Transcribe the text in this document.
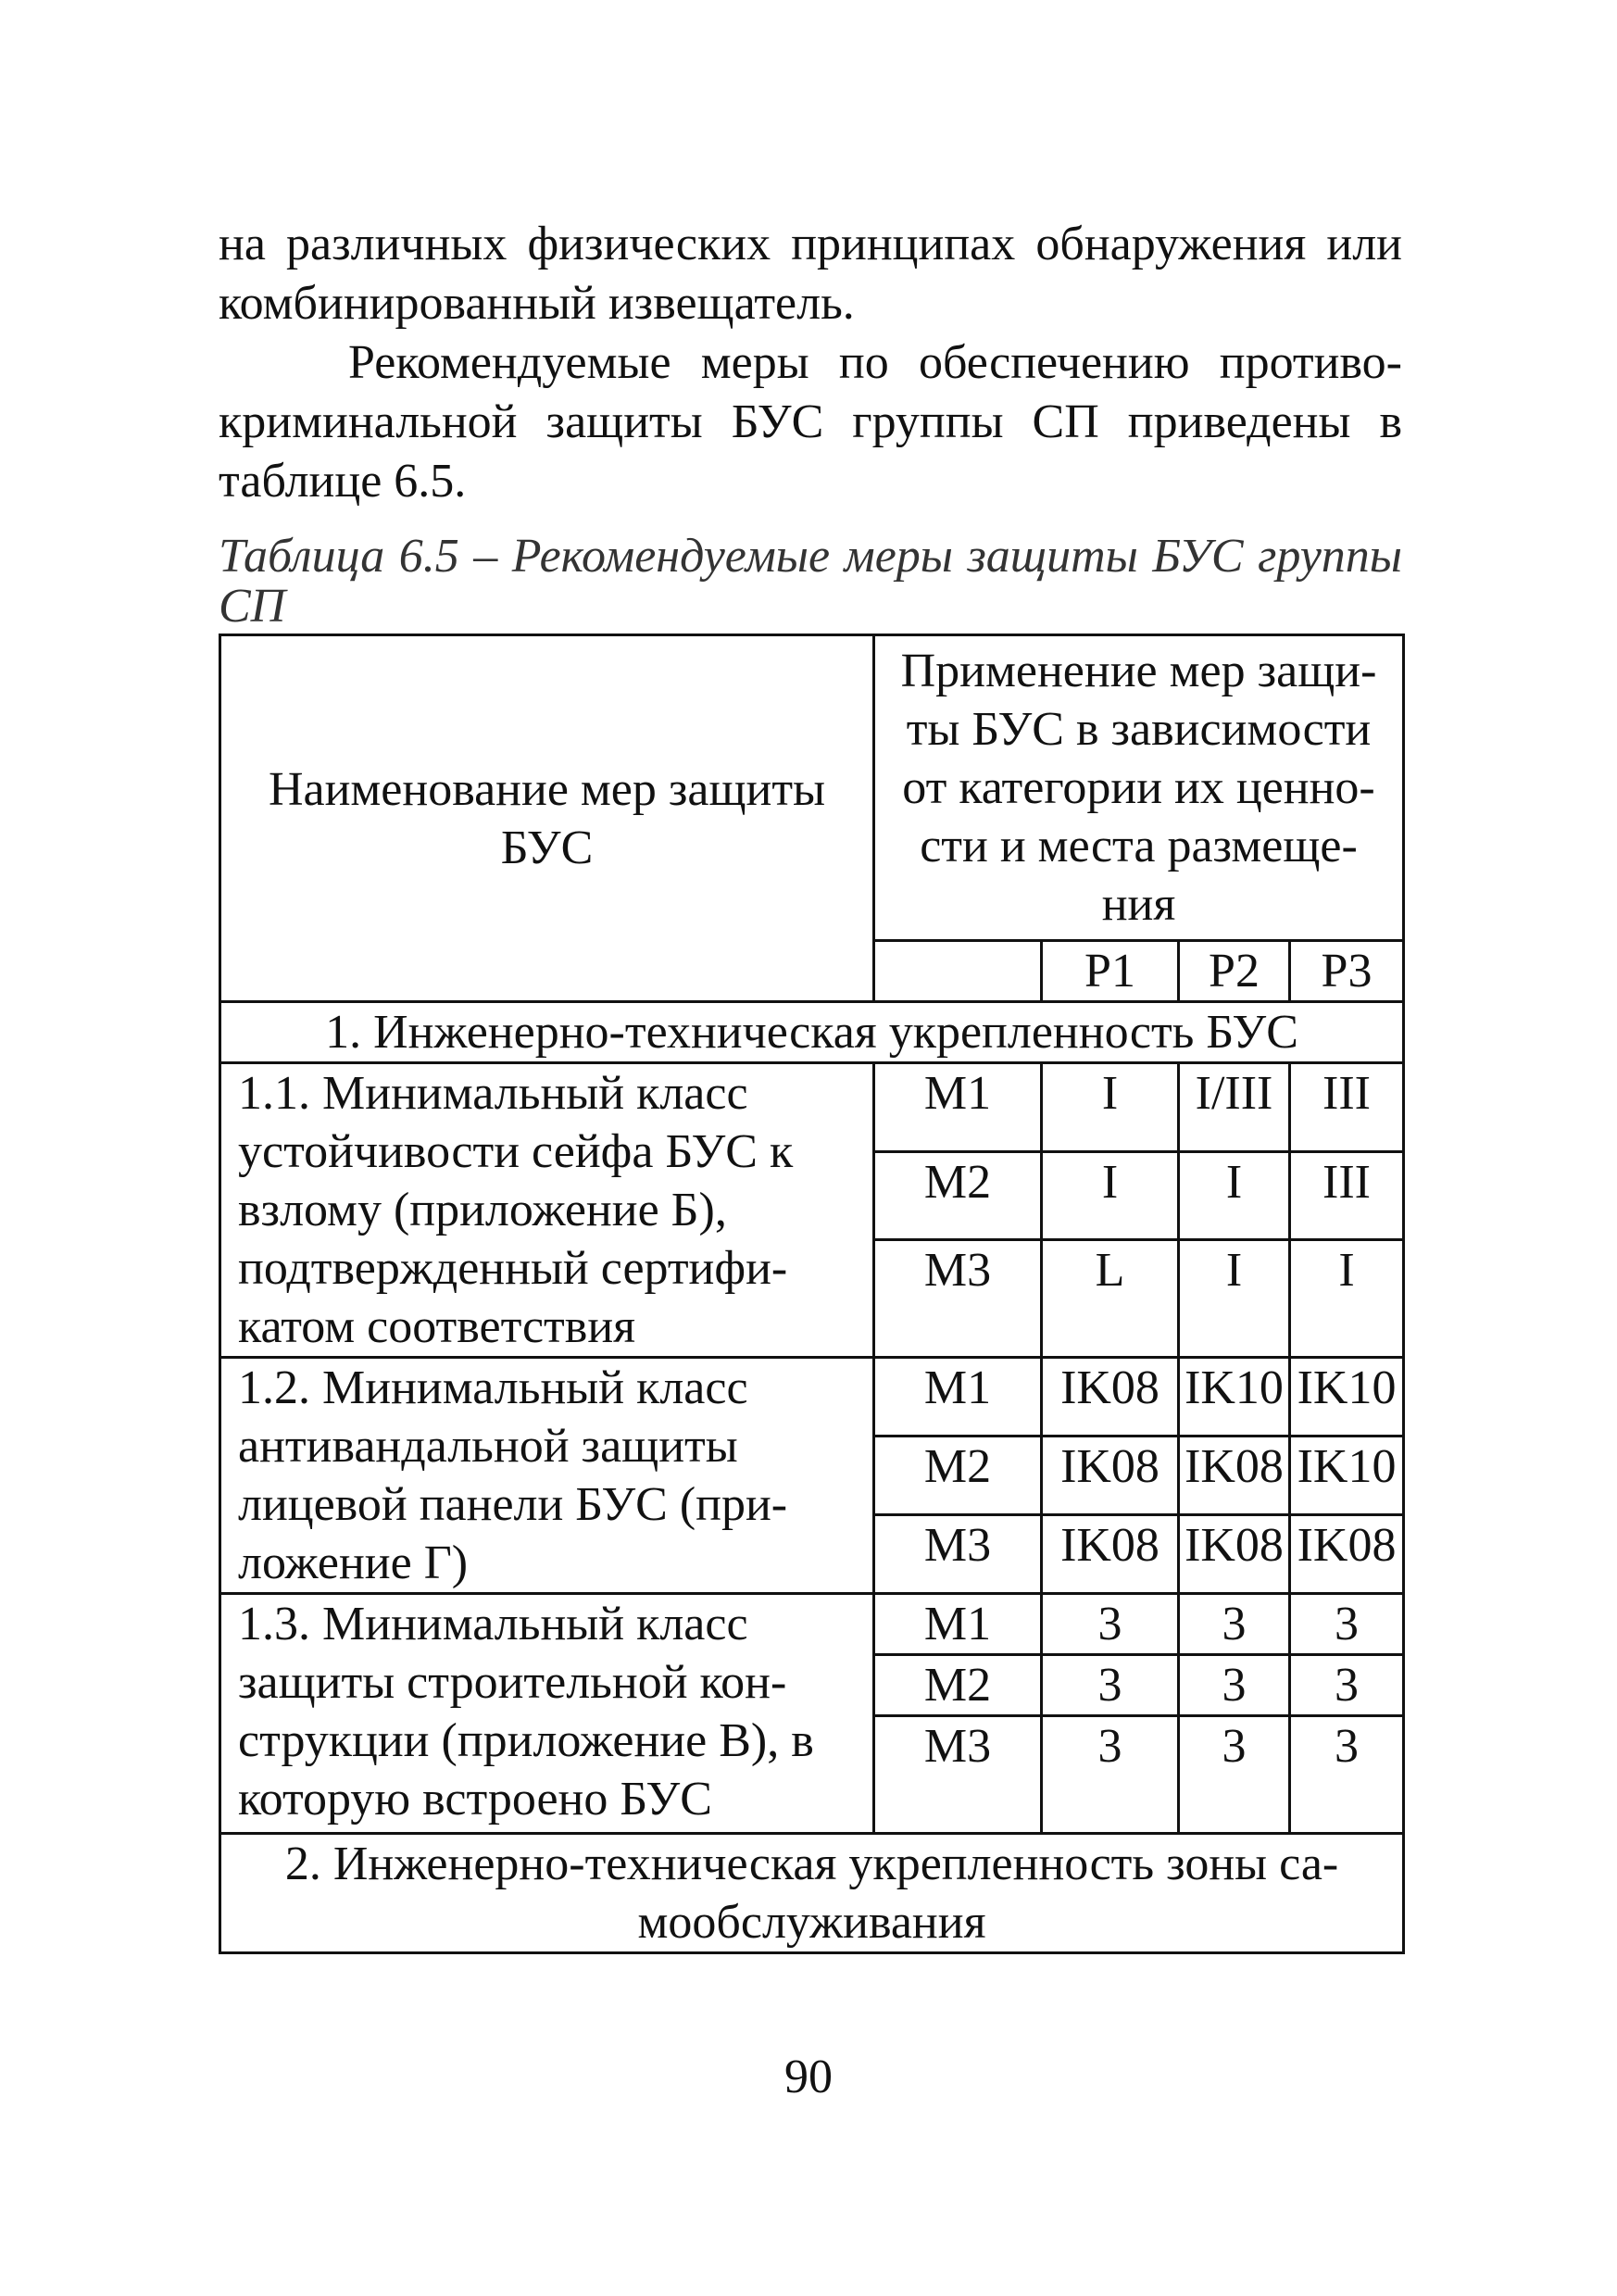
на различных физических принципах обнаружения или комбинированный извещатель.

Рекомендуемые меры по обеспечению противо-криминальной защиты БУС группы СП приведены в таблице 6.5.

Таблица 6.5 – Рекомендуемые меры защиты БУС группы СП

Наименование мер защиты БУС	Применение мер защи-ты БУС в зависимости от категории их ценно-сти и места размеще-ния			
		Р1	Р2	Р3
1. Инженерно-техническая укрепленность БУС				
1.1. Минимальный класс устойчивости сейфа БУС к взлому (приложение Б), подтвержденный сертифи-катом соответствия	М1	I	I/III	III
	М2	I	I	III
	М3	L	I	I
1.2. Минимальный класс антивандальной защиты лицевой панели БУС (при-ложение Г)	М1	IK08	IK10	IK10
	М2	IK08	IK08	IK10
	М3	IK08	IK08	IK08
1.3. Минимальный класс защиты строительной кон-струкции (приложение В), в которую встроено БУС	М1	3	3	3
	М2	3	3	3
	М3	3	3	3
2. Инженерно-техническая укрепленность зоны са-мообслуживания				
90
